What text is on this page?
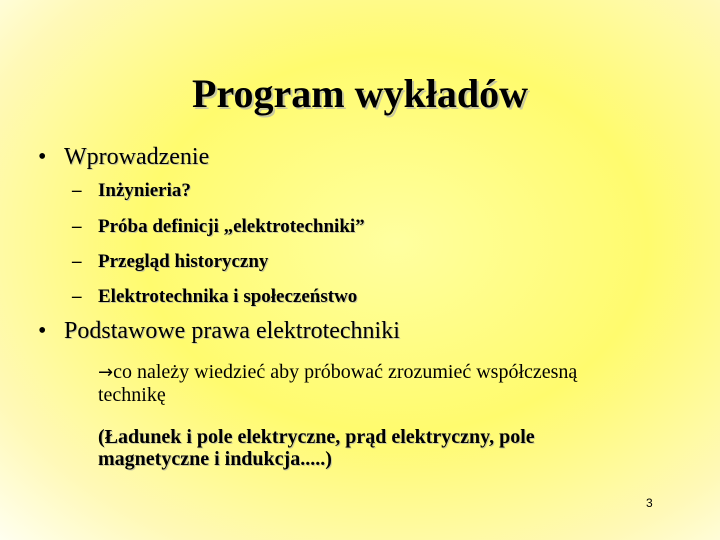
Program wykładów
• Wprowadzenie
– Inżynieria?
– Próba definicji „elektrotechniki”
– Przegląd historyczny
– Elektrotechnika i społeczeństwo
• Podstawowe prawa elektrotechniki
→co należy wiedzieć aby próbować zrozumieć współczesną
technikę
(Ładunek i pole elektryczne, prąd elektryczny, pole
magnetyczne i indukcja.....)
3
